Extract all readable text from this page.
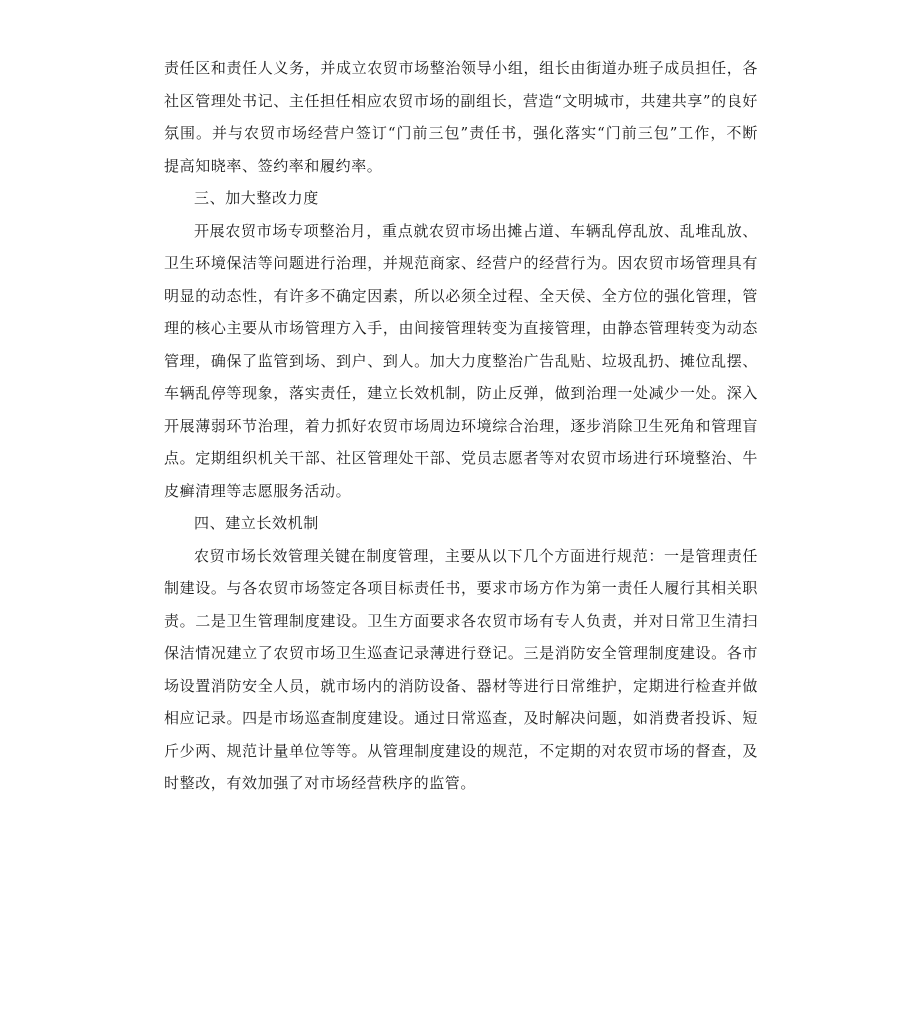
责任区和责任人义务，并成立农贸市场整治领导小组，组长由街道办班子成员担任，各社区管理处书记、主任担任相应农贸市场的副组长，营造“文明城市，共建共享”的良好氛围。并与农贸市场经营户签订“门前三包”责任书，强化落实“门前三包”工作，不断提高知晓率、签约率和履约率。

三、加大整改力度

开展农贸市场专项整治月，重点就农贸市场出摊占道、车辆乱停乱放、乱堆乱放、卫生环境保洁等问题进行治理，并规范商家、经营户的经营行为。因农贸市场管理具有明显的动态性，有许多不确定因素，所以必须全过程、全天侯、全方位的强化管理，管理的核心主要从市场管理方入手，由间接管理转变为直接管理，由静态管理转变为动态管理，确保了监管到场、到户、到人。加大力度整治广告乱贴、垃圾乱扔、摊位乱摆、车辆乱停等现象，落实责任，建立长效机制，防止反弹，做到治理一处减少一处。深入开展薄弱环节治理，着力抓好农贸市场周边环境综合治理，逐步消除卫生死角和管理盲点。定期组织机关干部、社区管理处干部、党员志愿者等对农贸市场进行环境整治、牛皮癣清理等志愿服务活动。

四、建立长效机制

农贸市场长效管理关键在制度管理，主要从以下几个方面进行规范：一是管理责任制建设。与各农贸市场签定各项目标责任书，要求市场方作为第一责任人履行其相关职责。二是卫生管理制度建设。卫生方面要求各农贸市场有专人负责，并对日常卫生清扫保洁情况建立了农贸市场卫生巡查记录薄进行登记。三是消防安全管理制度建设。各市场设置消防安全人员，就市场内的消防设备、器材等进行日常维护，定期进行检查并做相应记录。四是市场巡查制度建设。通过日常巡查，及时解决问题，如消费者投诉、短斤少两、规范计量单位等等。从管理制度建设的规范，不定期的对农贸市场的督查，及时整改，有效加强了对市场经营秩序的监管。
